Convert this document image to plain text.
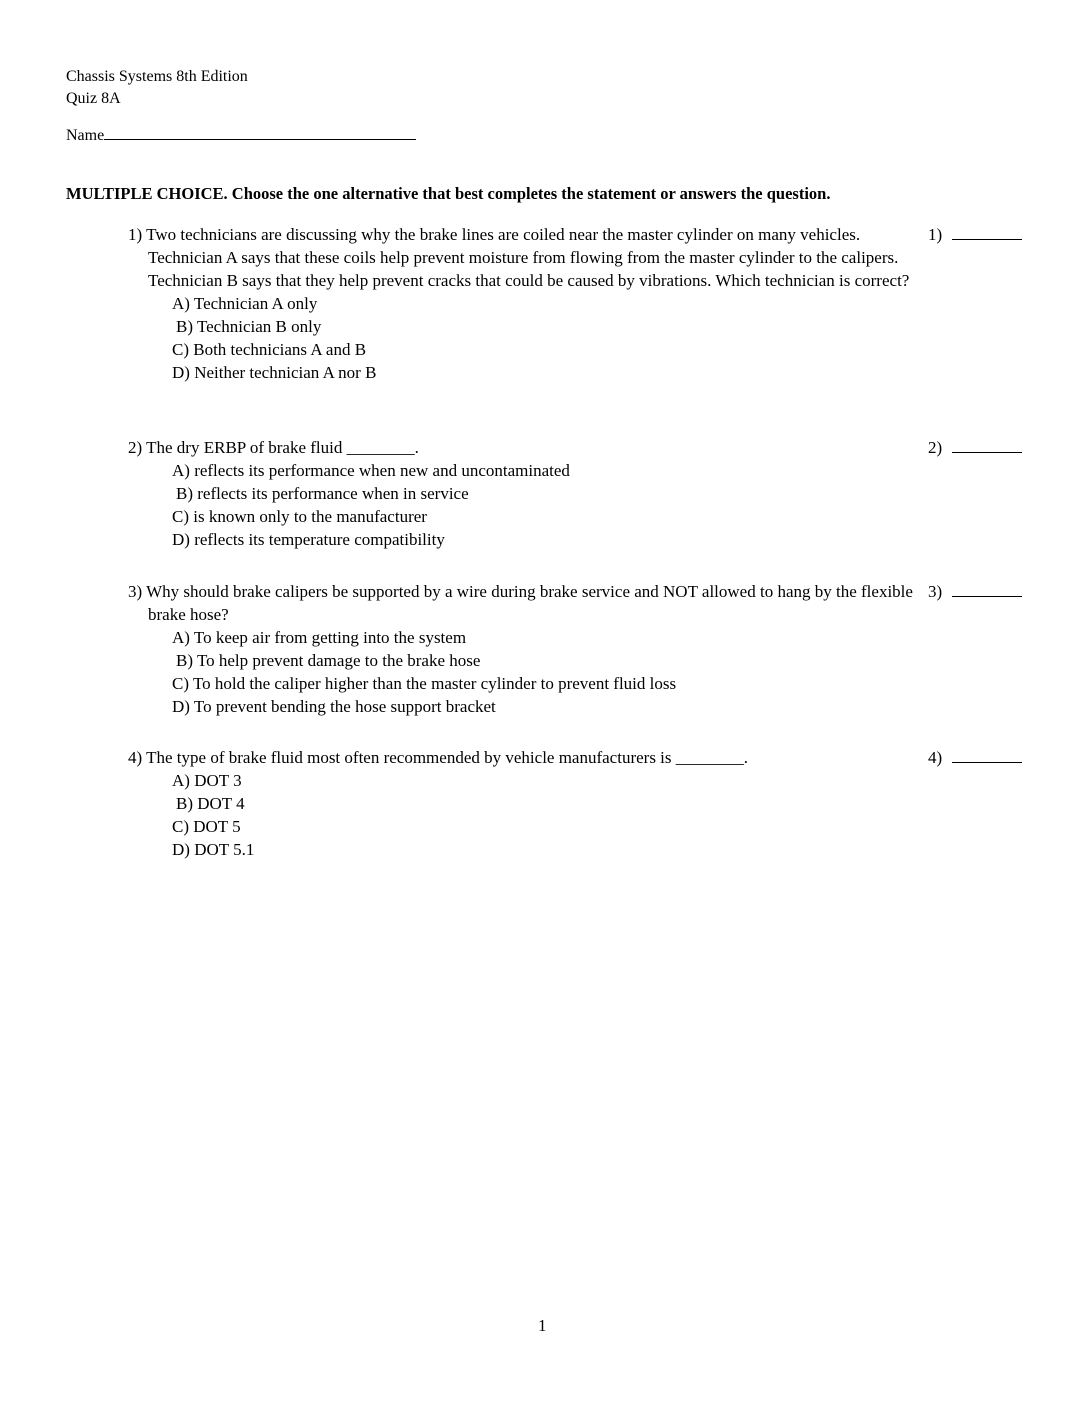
Chassis Systems 8th Edition
Quiz 8A
Name
MULTIPLE CHOICE. Choose the one alternative that best completes the statement or answers the question.
1) Two technicians are discussing why the brake lines are coiled near the master cylinder on many vehicles. Technician A says that these coils help prevent moisture from flowing from the master cylinder to the calipers. Technician B says that they help prevent cracks that could be caused by vibrations. Which technician is correct?
A) Technician A only
B) Technician B only
C) Both technicians A and B
D) Neither technician A nor B
1)
2) The dry ERBP of brake fluid ________.
A) reflects its performance when new and uncontaminated
B) reflects its performance when in service
C) is known only to the manufacturer
D) reflects its temperature compatibility
2)
3) Why should brake calipers be supported by a wire during brake service and NOT allowed to hang by the flexible brake hose?
A) To keep air from getting into the system
B) To help prevent damage to the brake hose
C) To hold the caliper higher than the master cylinder to prevent fluid loss
D) To prevent bending the hose support bracket
3)
4) The type of brake fluid most often recommended by vehicle manufacturers is ________.
A) DOT 3
B) DOT 4
C) DOT 5
D) DOT 5.1
4)
1
